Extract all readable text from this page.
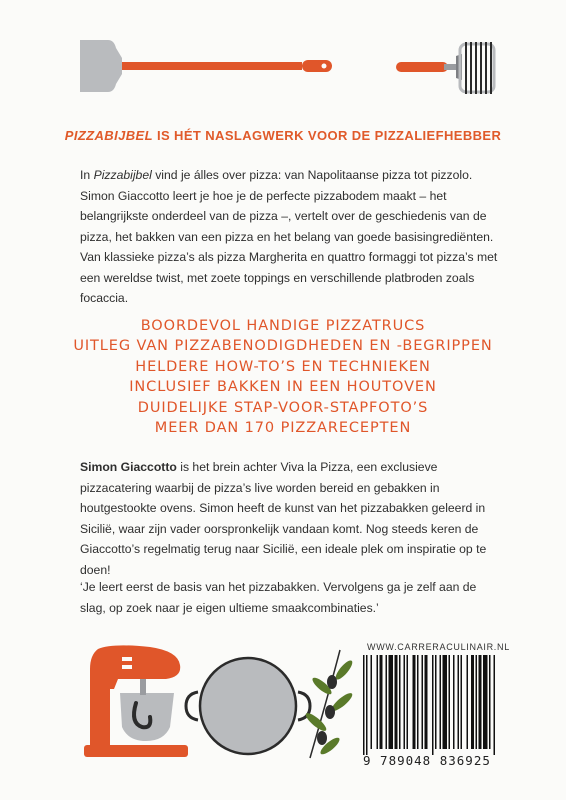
PIZZABIJBEL IS HÉT NASLAGWERK VOOR DE PIZZALIEFHEBBER
In Pizzabijbel vind je álles over pizza: van Napolitaanse pizza tot pizzolo. Simon Giaccotto leert je hoe je de perfecte pizzabodem maakt – het belangrijkste onderdeel van de pizza –, vertelt over de geschiedenis van de pizza, het bakken van een pizza en het belang van goede basisingrediënten. Van klassieke pizza’s als pizza Margherita en quattro formaggi tot pizza’s met een wereldse twist, met zoete toppings en verschillende platbroden zoals focaccia.
BOORDEVOL HANDIGE PIZZATRUCS
UITLEG VAN PIZZABENODIGDHEDEN EN -BEGRIPPEN
HELDERE HOW-TO’S EN TECHNIEKEN
INCLUSIEF BAKKEN IN EEN HOUTOVEN
DUIDELIJKE STAP-VOOR-STAPFOTO’S
MEER DAN 170 PIZZARECEPTEN
Simon Giaccotto is het brein achter Viva la Pizza, een exclusieve pizzacatering waarbij de pizza’s live worden bereid en gebakken in houtgestookte ovens. Simon heeft de kunst van het pizzabakken geleerd in Sicilië, waar zijn vader oorspronkelijk vandaan komt. Nog steeds keren de Giaccotto’s regelmatig terug naar Sicilië, een ideale plek om inspiratie op te doen!
‘Je leert eerst de basis van het pizzabakken. Vervolgens ga je zelf aan de slag, op zoek naar je eigen ultieme smaakcombinaties.’
WWW.CARRERACULINAIR.NL
9 789048 836925
